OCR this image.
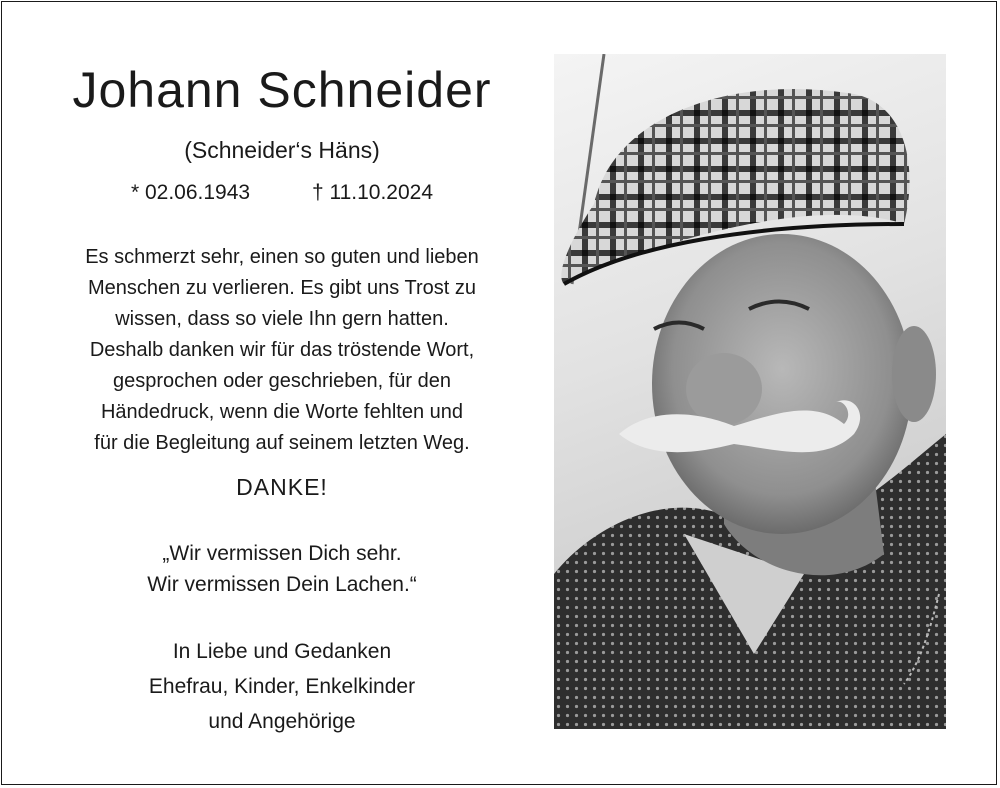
Johann Schneider
(Schneider‘s Häns)
* 02.06.1943	† 11.10.2024
Es schmerzt sehr, einen so guten und lieben
Menschen zu verlieren. Es gibt uns Trost zu
wissen, dass so viele Ihn gern hatten.
Deshalb danken wir für das tröstende Wort,
gesprochen oder geschrieben, für den
Händedruck, wenn die Worte fehlten und
für die Begleitung auf seinem letzten Weg.
DANKE!
„Wir vermissen Dich sehr.
Wir vermissen Dein Lachen.“
In Liebe und Gedanken
Ehefrau, Kinder, Enkelkinder
und Angehörige
